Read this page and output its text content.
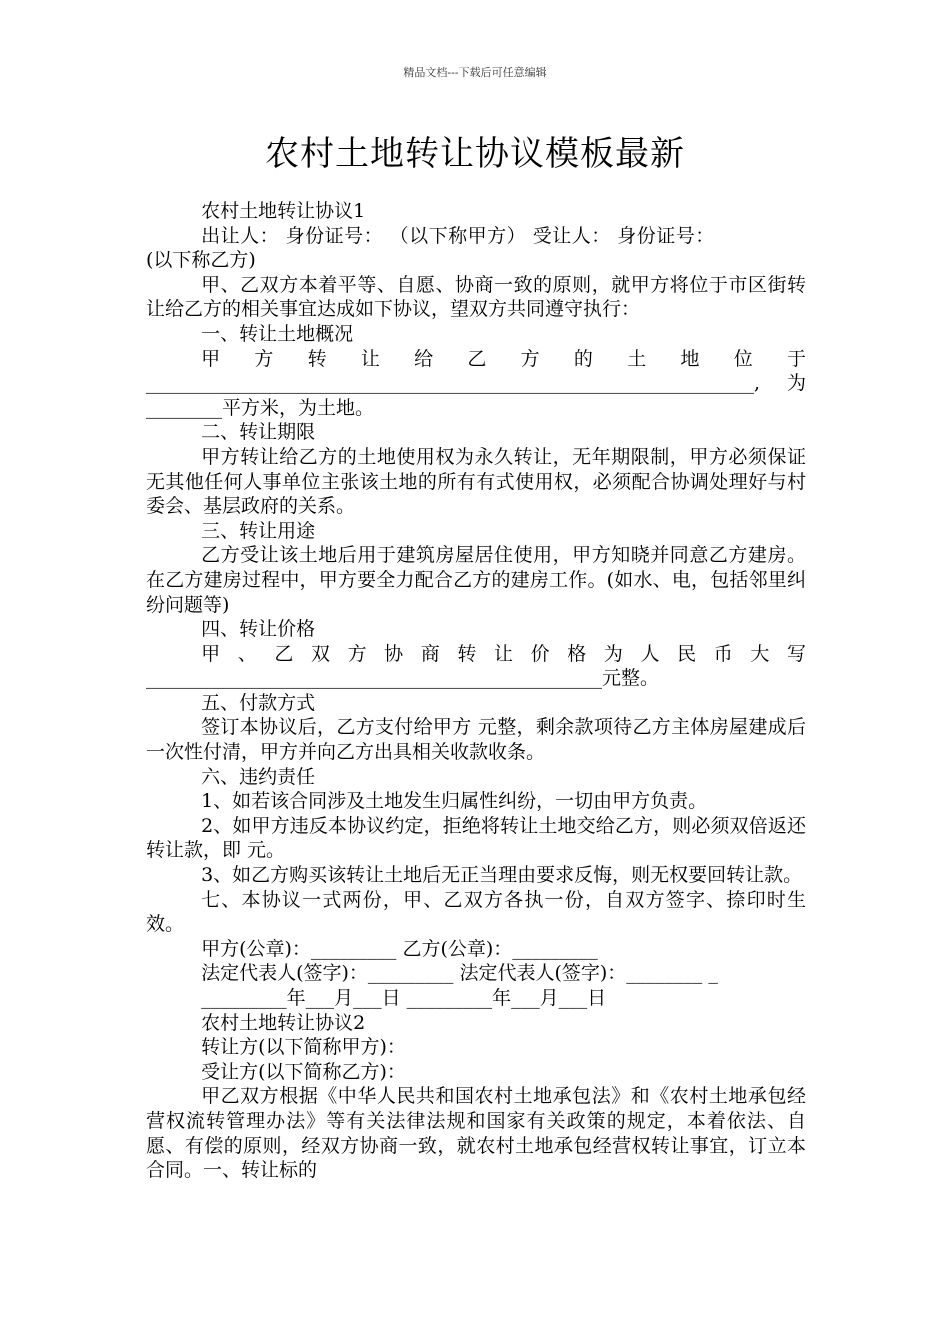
精品文档---下载后可任意编辑
农村土地转让协议模板最新

农村土地转让协议1

出让人： 身份证号： （以下称甲方） 受让人： 身份证号：

(以下称乙方)

甲、乙双方本着平等、自愿、协商一致的原则，就甲方将位于市区街转让给乙方的相关事宜达成如下协议，望双方共同遵守执行：

一、转让土地概况

甲方转让给乙方的土地位于________________________________________________________________,为________平方米，为土地。

二、转让期限

甲方转让给乙方的土地使用权为永久转让，无年期限制，甲方必须保证无其他任何人事单位主张该土地的所有有式使用权，必须配合协调处理好与村委会、基层政府的关系。

三、转让用途

乙方受让该土地后用于建筑房屋居住使用，甲方知晓并同意乙方建房。在乙方建房过程中，甲方要全力配合乙方的建房工作。(如水、电，包括邻里纠纷问题等)

四、转让价格

甲、乙双方协商转让价格为人民币大写________________________________________________元整。

五、付款方式

签订本协议后，乙方支付给甲方 元整，剩余款项待乙方主体房屋建成后一次性付清，甲方并向乙方出具相关收款收条。

六、违约责任

1、如若该合同涉及土地发生归属性纠纷，一切由甲方负责。

2、如甲方违反本协议约定，拒绝将转让土地交给乙方，则必须双倍返还转让款，即 元。

3、如乙方购买该转让土地后无正当理由要求反悔，则无权要回转让款。

七、本协议一式两份，甲、乙双方各执一份，自双方签字、捺印时生效。

甲方(公章)：_________ 乙方(公章)：_________

法定代表人(签字)：_________ 法定代表人(签字)：________ _

_________年___月___日 _________年___月___日

农村土地转让协议2

转让方(以下简称甲方)：

受让方(以下简称乙方)：

甲乙双方根据《中华人民共和国农村土地承包法》和《农村土地承包经营权流转管理办法》等有关法律法规和国家有关政策的规定，本着依法、自愿、有偿的原则，经双方协商一致，就农村土地承包经营权转让事宜，订立本合同。一、转让标的
